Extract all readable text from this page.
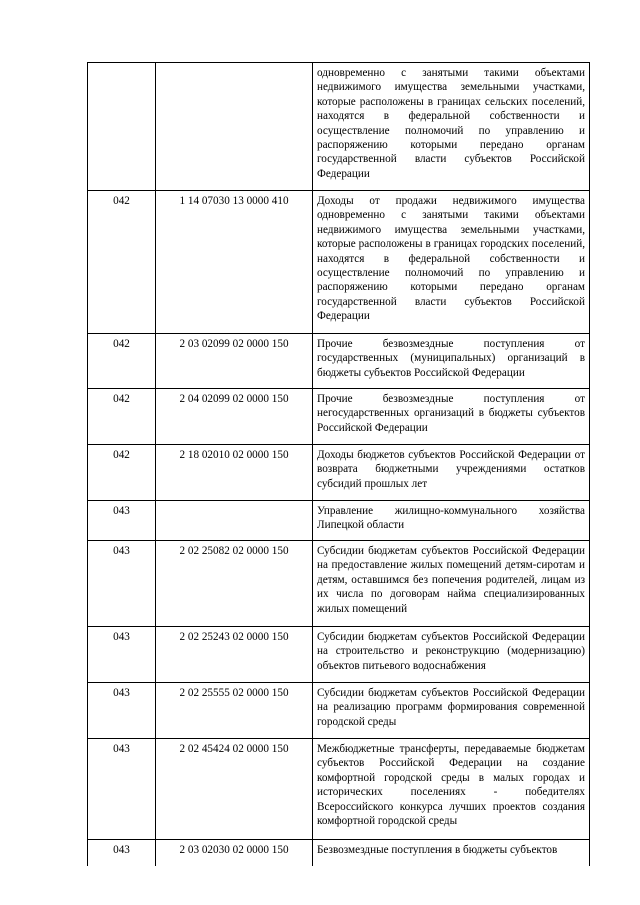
		одновременно с занятыми такими объектами недвижимого имущества земельными участками, которые расположены в границах сельских поселений, находятся в федеральной собственности и осуществление полномочий по управлению и распоряжению которыми передано органам государственной власти субъектов Российской Федерации
042	1 14 07030 13 0000 410	Доходы от продажи недвижимого имущества одновременно с занятыми такими объектами недвижимого имущества земельными участками, которые расположены в границах городских поселений, находятся в федеральной собственности и осуществление полномочий по управлению и распоряжению которыми передано органам государственной власти субъектов Российской Федерации
042	2 03 02099 02 0000 150	Прочие безвозмездные поступления от государственных (муниципальных) организаций в бюджеты субъектов Российской Федерации
042	2 04 02099 02 0000 150	Прочие безвозмездные поступления от негосударственных организаций в бюджеты субъектов Российской Федерации
042	2 18 02010 02 0000 150	Доходы бюджетов субъектов Российской Федерации от возврата бюджетными учреждениями остатков субсидий прошлых лет
043		Управление жилищно-коммунального хозяйства Липецкой области
043	2 02 25082 02 0000 150	Субсидии бюджетам субъектов Российской Федерации на предоставление жилых помещений детям-сиротам и детям, оставшимся без попечения родителей, лицам из их числа по договорам найма специализированных жилых помещений
043	2 02 25243 02 0000 150	Субсидии бюджетам субъектов Российской Федерации на строительство и реконструкцию (модернизацию) объектов питьевого водоснабжения
043	2 02 25555 02 0000 150	Субсидии бюджетам субъектов Российской Федерации на реализацию программ формирования современной городской среды
043	2 02 45424 02 0000 150	Межбюджетные трансферты, передаваемые бюджетам субъектов Российской Федерации на создание комфортной городской среды в малых городах и исторических поселениях - победителях Всероссийского конкурса лучших проектов создания комфортной городской среды
043	2 03 02030 02 0000 150	Безвозмездные поступления в бюджеты субъектов
